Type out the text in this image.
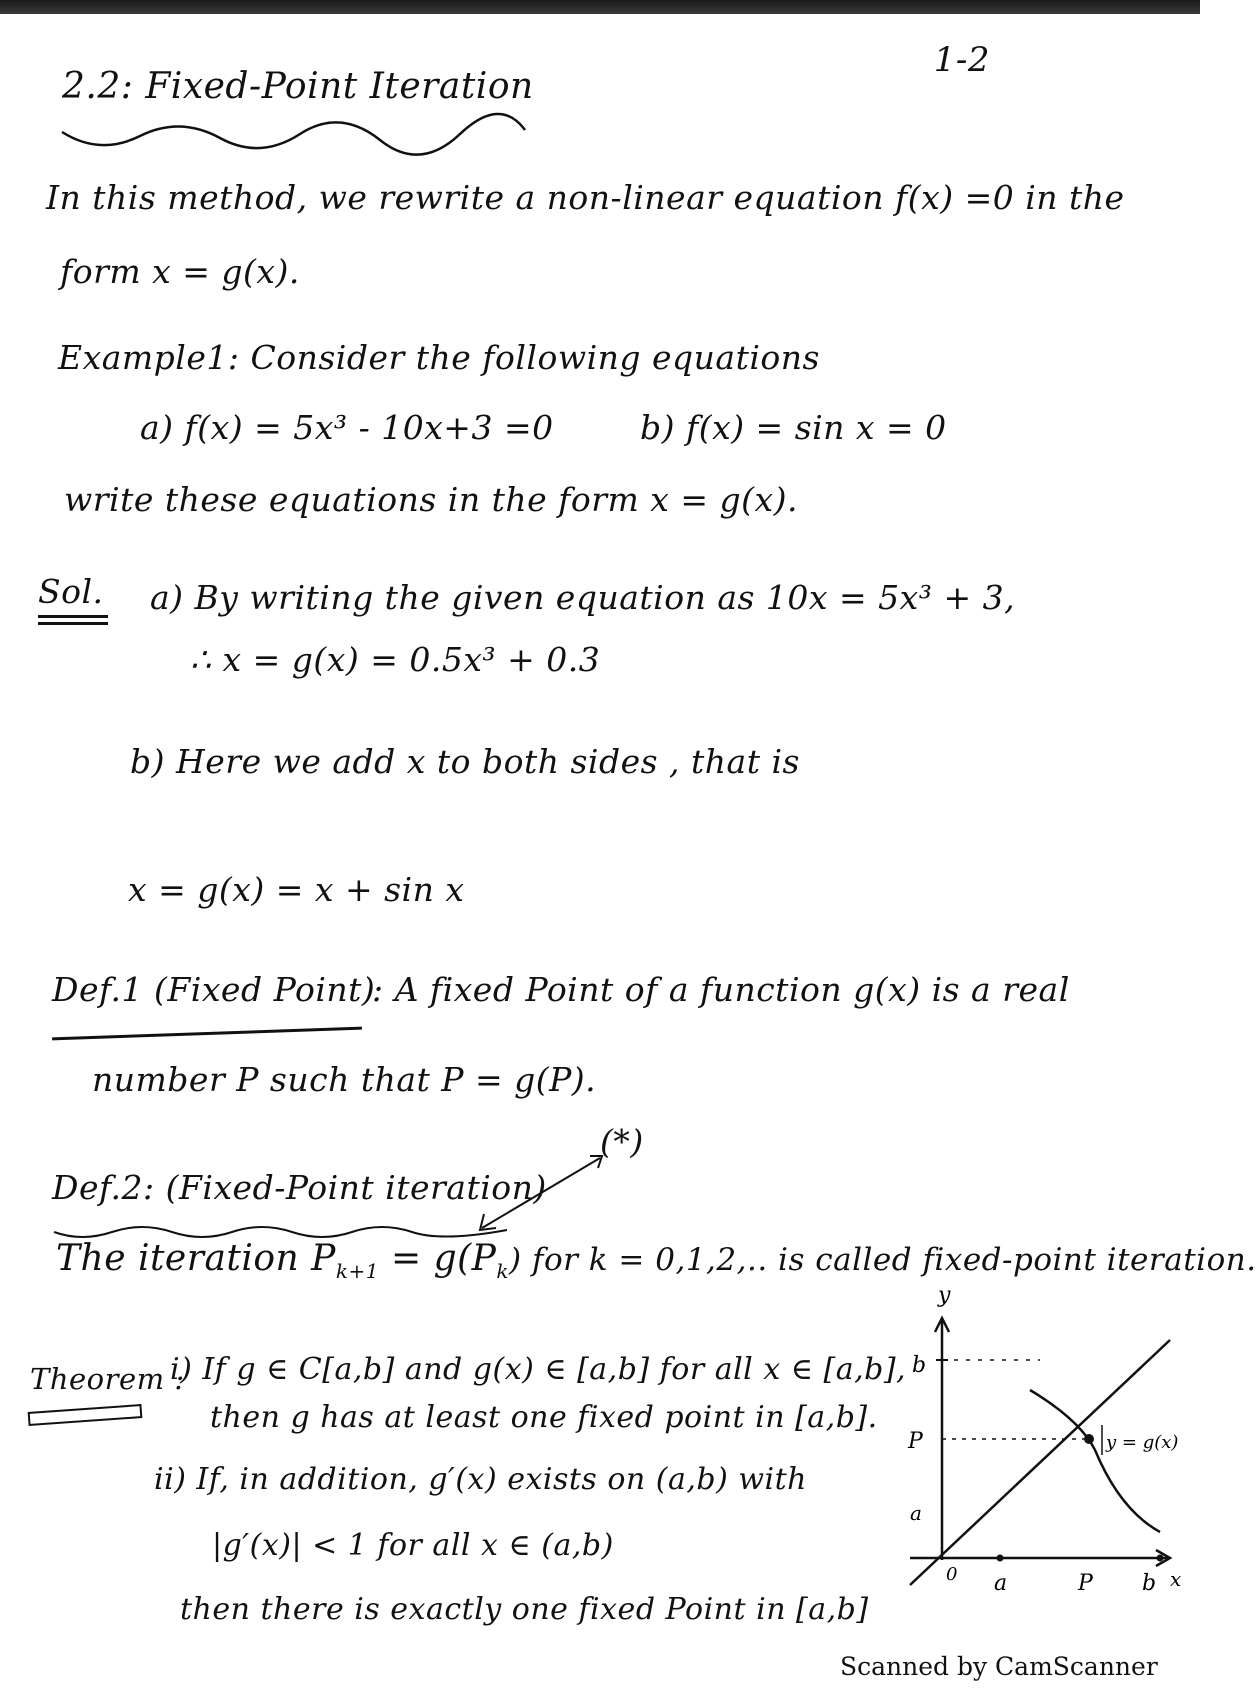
1-2
2.2: Fixed-Point Iteration
In this method, we rewrite a non-linear equation f(x) =0 in the
form x = g(x).
Example1: Consider the following equations
a) f(x) = 5x³ - 10x+3 =0	b) f(x) = sin x = 0
write these equations in the form x = g(x).
Sol. a) By writing the given equation as 10x = 5x³ + 3,
∴ x = g(x) = 0.5x³ + 0.3
b) Here we add x to both sides , that is
x = g(x) = x + sin x
Def.1 (Fixed Point)
: A fixed Point of a function g(x) is a real
number P such that P = g(P).
Def.2: (Fixed-Point iteration)
(*)
The iteration $P_{k+1} = g(P_k)$ for k = 0,1,2,.. is called fixed-point iteration.
Theorem :
i) If g ∈ C[a,b] and g(x) ∈ [a,b] for all x ∈ [a,b],
then g has at least one fixed point in [a,b].
ii) If, in addition, g′(x) exists on (a,b) with
|g′(x)| < 1 for all x ∈ (a,b)
then there is exactly one fixed Point in [a,b]
y
x
0 a	P b
a
P
b
y = g(x)
Scanned by CamScanner
